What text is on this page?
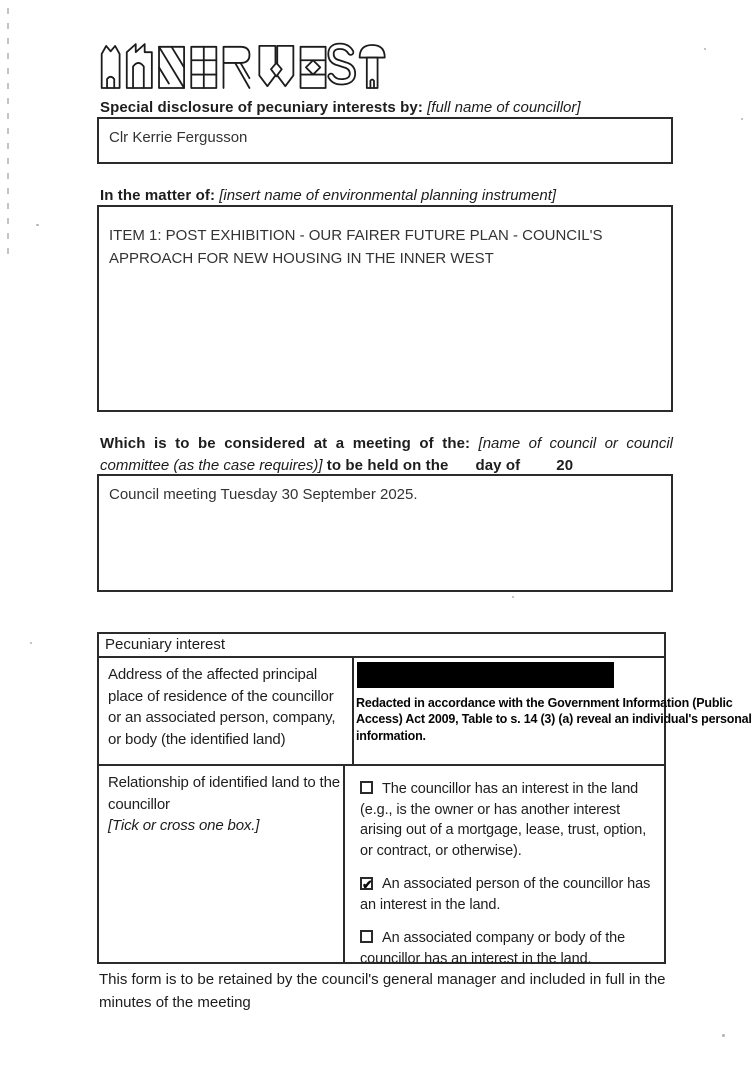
Special disclosure of pecuniary interests by: [full name of councillor]
Clr Kerrie Fergusson
In the matter of: [insert name of environmental planning instrument]
ITEM 1: POST EXHIBITION - OUR FAIRER FUTURE PLAN - COUNCIL'S APPROACH FOR NEW HOUSING IN THE INNER WEST
Which is to be considered at a meeting of the: [name of council or council committee (as the case requires)] to be held on the day of 20
Council meeting Tuesday 30 September 2025.
Pecuniary interest
Address of the affected principal place of residence of the councillor or an associated person, company, or body (the identified land)
Redacted in accordance with the Government Information (Public Access) Act 2009, Table to s. 14 (3) (a) reveal an individual's personal information.
Relationship of identified land to the councillor
[Tick or cross one box.]
The councillor has an interest in the land (e.g., is the owner or has another interest arising out of a mortgage, lease, trust, option, or contract, or otherwise).
✔ An associated person of the councillor has an interest in the land.
An associated company or body of the councillor has an interest in the land.
This form is to be retained by the council's general manager and included in full in the minutes of the meeting
